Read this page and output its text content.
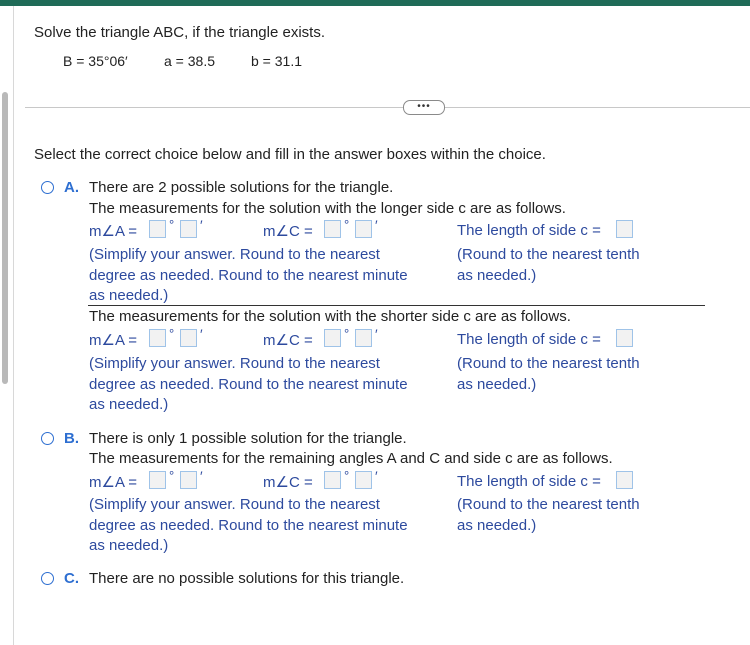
Solve the triangle ABC, if the triangle exists.
B = 35°06′	a = 38.5	b = 31.1
•••
Select the correct choice below and fill in the answer boxes within the choice.
A. There are 2 possible solutions for the triangle.
The measurements for the solution with the longer side c are as follows.
m∠A = ° ′	m∠C = ° ′	The length of side c =
(Simplify your answer. Round to the nearest
degree as needed. Round to the nearest minute
as needed.)
(Round to the nearest tenth
as needed.)
The measurements for the solution with the shorter side c are as follows.
m∠A = ° ′	m∠C = ° ′	The length of side c =
(Simplify your answer. Round to the nearest
degree as needed. Round to the nearest minute
as needed.)
(Round to the nearest tenth
as needed.)
B. There is only 1 possible solution for the triangle.
The measurements for the remaining angles A and C and side c are as follows.
m∠A = ° ′	m∠C = ° ′	The length of side c =
(Simplify your answer. Round to the nearest
degree as needed. Round to the nearest minute
as needed.)
(Round to the nearest tenth
as needed.)
C. There are no possible solutions for this triangle.
